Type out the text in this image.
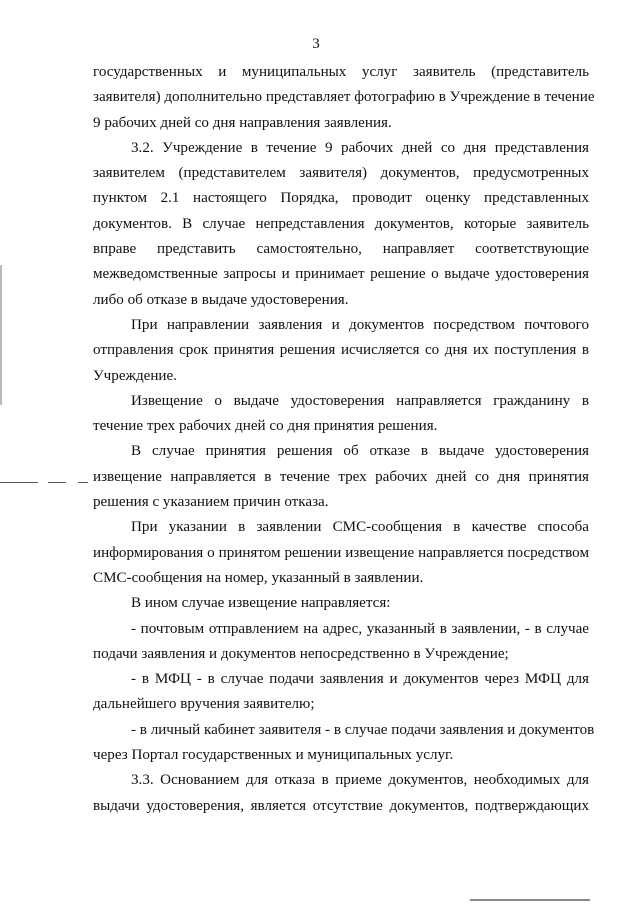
3
государственных и муниципальных услуг заявитель (представитель
заявителя) дополнительно представляет фотографию в Учреждение в течение
9 рабочих дней со дня направления заявления.
3.2. Учреждение в течение 9 рабочих дней со дня представления
заявителем (представителем заявителя) документов, предусмотренных
пунктом 2.1 настоящего Порядка, проводит оценку представленных
документов. В случае непредставления документов, которые заявитель
вправе представить самостоятельно, направляет соответствующие
межведомственные запросы и принимает решение о выдаче удостоверения
либо об отказе в выдаче удостоверения.
При направлении заявления и документов посредством почтового
отправления срок принятия решения исчисляется со дня их поступления в
Учреждение.
Извещение о выдаче удостоверения направляется гражданину в
течение трех рабочих дней со дня принятия решения.
В случае принятия решения об отказе в выдаче удостоверения
извещение направляется в течение трех рабочих дней со дня принятия
решения с указанием причин отказа.
При указании в заявлении СМС-сообщения в качестве способа
информирования о принятом решении извещение направляется посредством
СМС-сообщения на номер, указанный в заявлении.
В ином случае извещение направляется:
- почтовым отправлением на адрес, указанный в заявлении, - в случае
подачи заявления и документов непосредственно в Учреждение;
- в МФЦ - в случае подачи заявления и документов через МФЦ для
дальнейшего вручения заявителю;
- в личный кабинет заявителя - в случае подачи заявления и документов
через Портал государственных и муниципальных услуг.
3.3. Основанием для отказа в приеме документов, необходимых для
выдачи удостоверения, является отсутствие документов, подтверждающих
